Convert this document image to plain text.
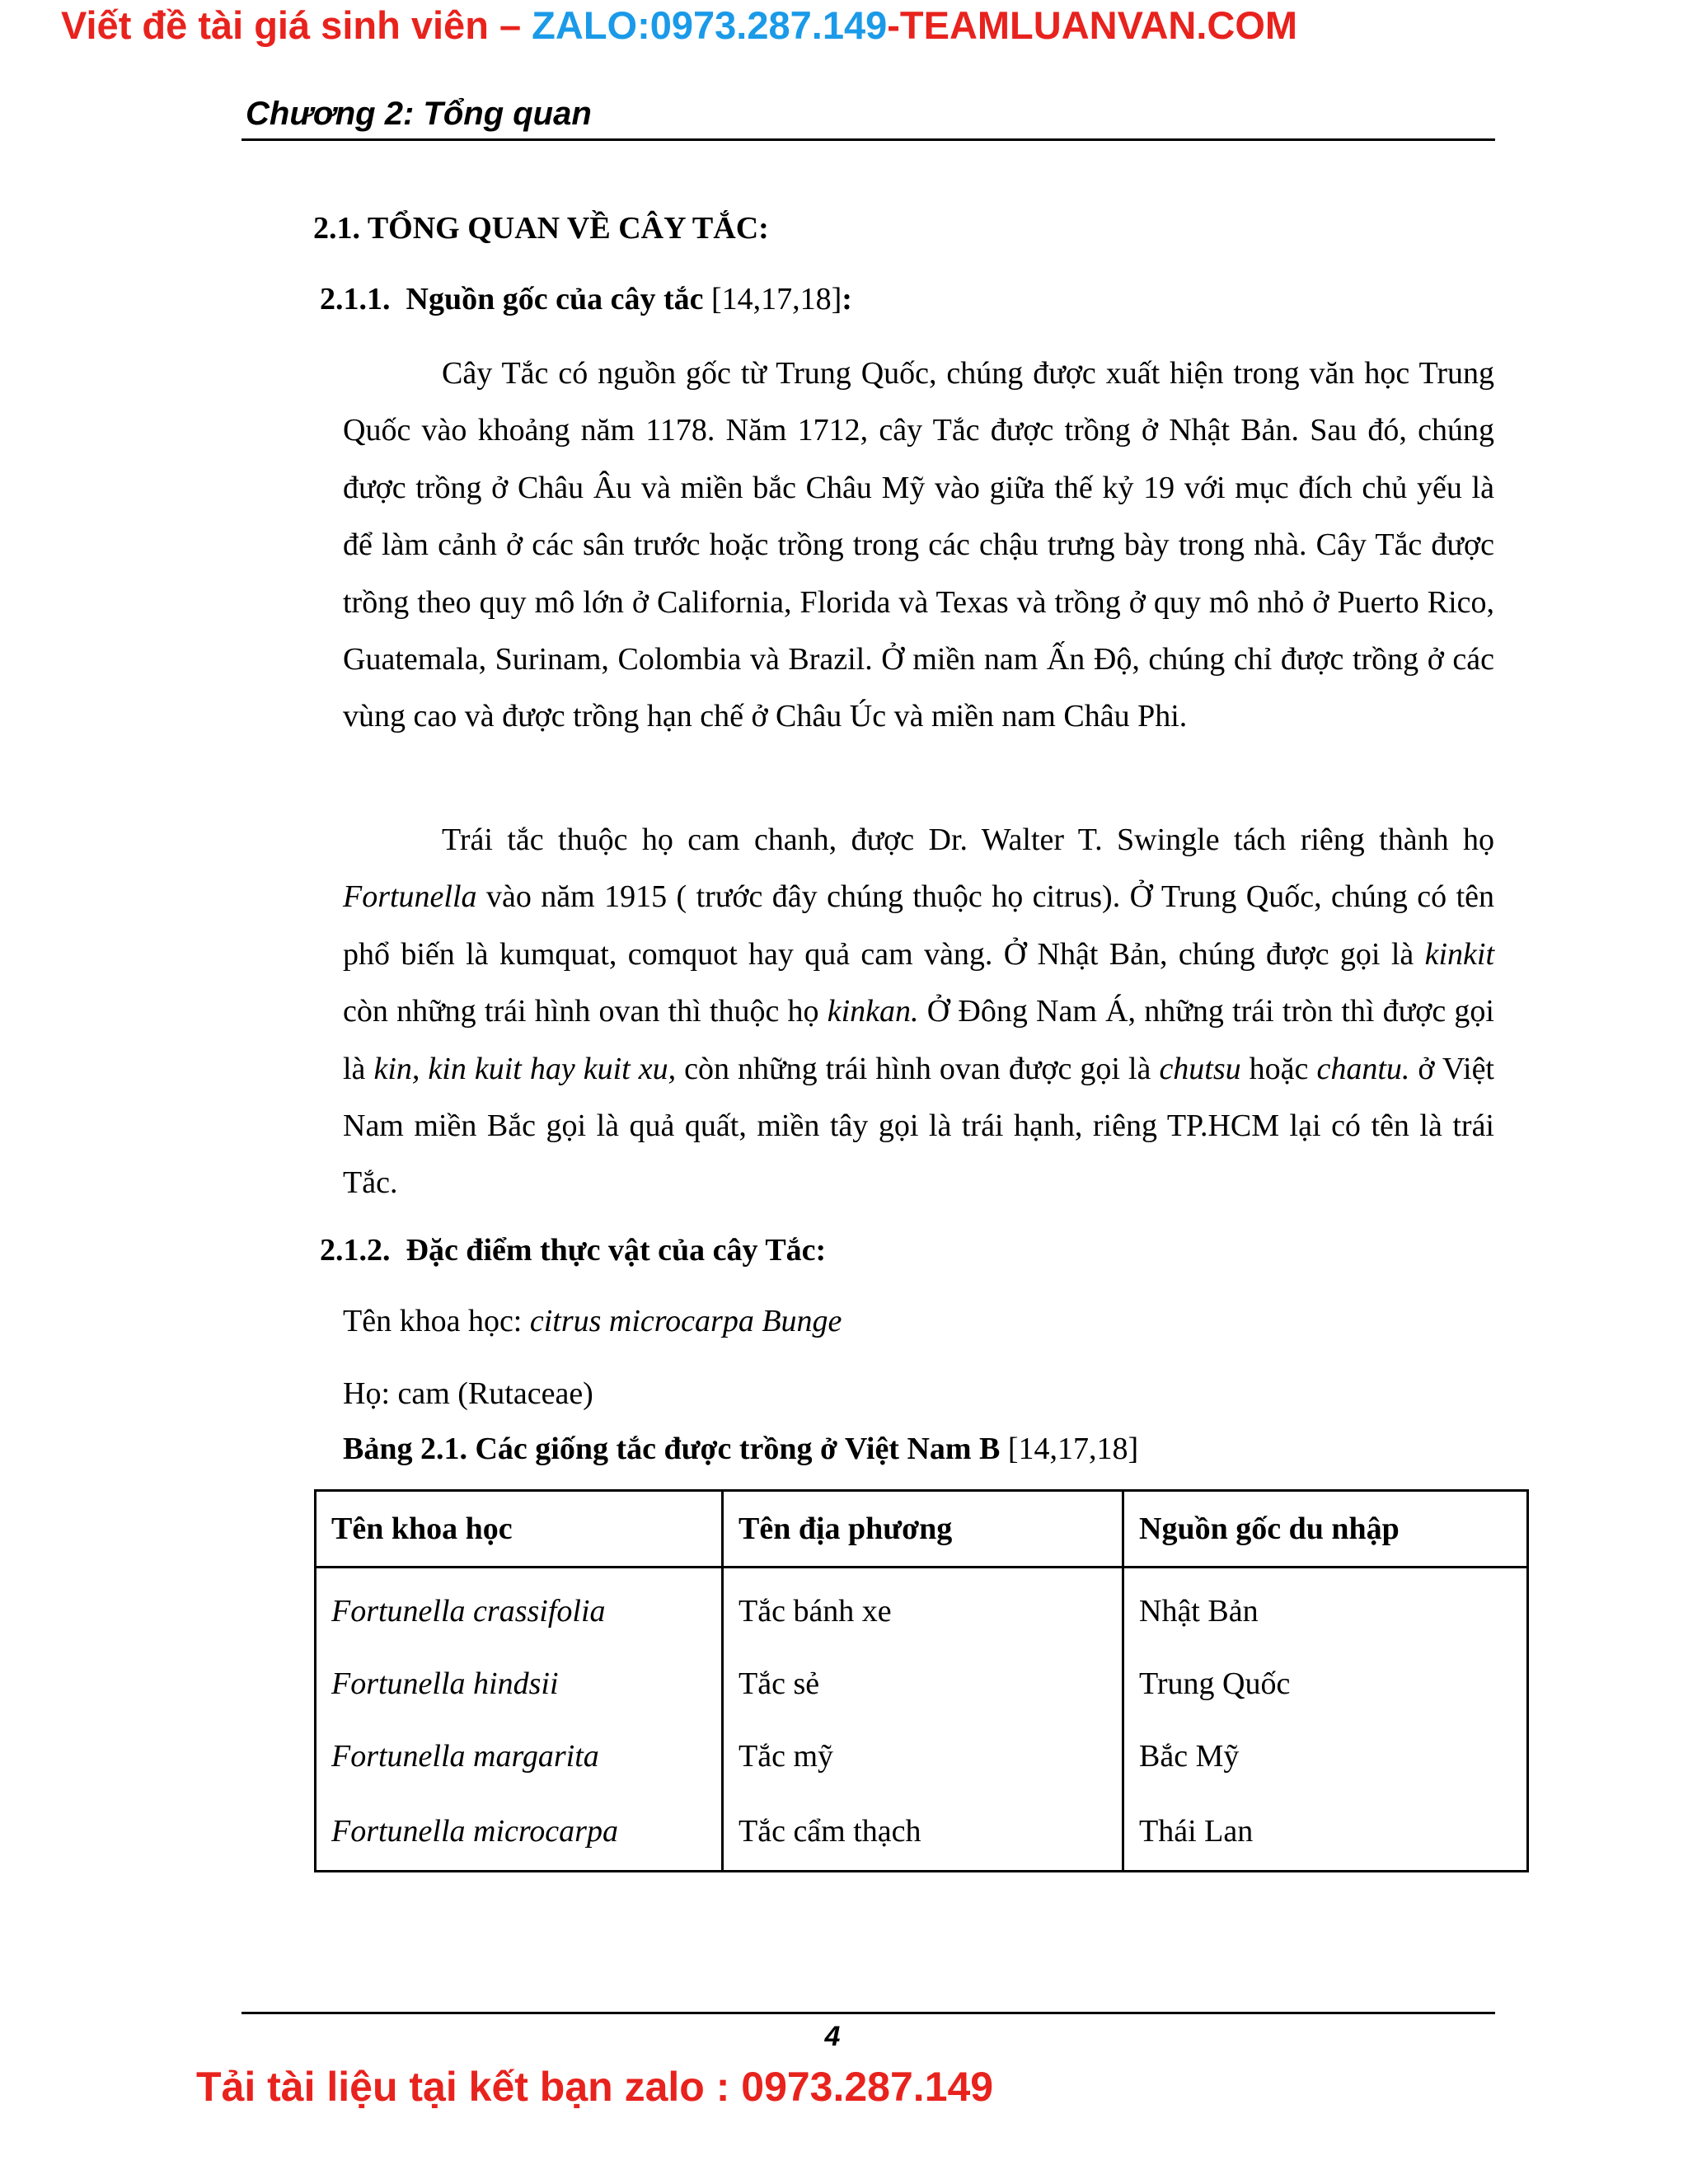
Viết đề tài giá sinh viên – ZALO:0973.287.149-TEAMLUANVAN.COM
Chương 2: Tổng quan
2.1. TỔNG QUAN VỀ CÂY TẮC:
2.1.1. Nguồn gốc của cây tắc [14,17,18]:

Cây Tắc có nguồn gốc từ Trung Quốc, chúng được xuất hiện trong văn học Trung Quốc vào khoảng năm 1178. Năm 1712, cây Tắc được trồng ở Nhật Bản. Sau đó, chúng được trồng ở Châu Âu và miền bắc Châu Mỹ vào giữa thế kỷ 19 với mục đích chủ yếu là để làm cảnh ở các sân trước hoặc trồng trong các chậu trưng bày trong nhà. Cây Tắc được trồng theo quy mô lớn ở California, Florida và Texas và trồng ở quy mô nhỏ ở Puerto Rico, Guatemala, Surinam, Colombia và Brazil. Ở miền nam Ấn Độ, chúng chỉ được trồng ở các vùng cao và được trồng hạn chế ở Châu Úc và miền nam Châu Phi.

Trái tắc thuộc họ cam chanh, được Dr. Walter T. Swingle tách riêng thành họ Fortunella vào năm 1915 ( trước đây chúng thuộc họ citrus). Ở Trung Quốc, chúng có tên phổ biến là kumquat, comquot hay quả cam vàng. Ở Nhật Bản, chúng được gọi là kinkit còn những trái hình ovan thì thuộc họ kinkan. Ở Đông Nam Á, những trái tròn thì được gọi là kin, kin kuit hay kuit xu, còn những trái hình ovan được gọi là chutsu hoặc chantu. ở Việt Nam miền Bắc gọi là quả quất, miền tây gọi là trái hạnh, riêng TP.HCM lại có tên là trái Tắc.

2.1.2. Đặc điểm thực vật của cây Tắc:
Tên khoa học: citrus microcarpa Bunge
Họ: cam (Rutaceae)
Bảng 2.1. Các giống tắc được trồng ở Việt Nam B [14,17,18]
Tên khoa học	Tên địa phương	Nguồn gốc du nhập
Fortunella crassifolia	Tắc bánh xe	Nhật Bản
Fortunella hindsii	Tắc sẻ	Trung Quốc
Fortunella margarita	Tắc mỹ	Bắc Mỹ
Fortunella microcarpa	Tắc cẩm thạch	Thái Lan
4
Tải tài liệu tại kết bạn zalo : 0973.287.149
